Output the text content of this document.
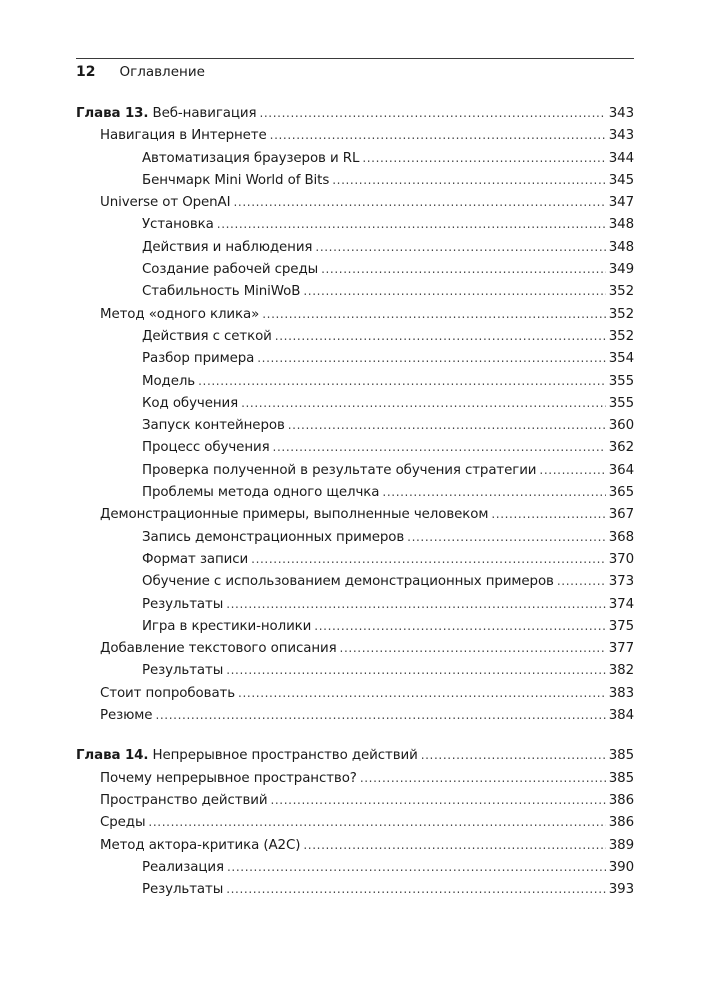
12 Оглавление
Глава 13. Веб-навигация . . .	343
Навигация в Интернете . . .	343
Автоматизация браузеров и RL . . .	344
Бенчмарк Mini World of Bits . . .	345
Universe от OpenAI . . .	347
Установка . . .	348
Действия и наблюдения . . .	348
Создание рабочей среды . . .	349
Стабильность MiniWoB . . .	352
Метод «одного клика» . . .	352
Действия с сеткой . . .	352
Разбор примера . . .	354
Модель . . .	355
Код обучения . . .	355
Запуск контейнеров . . .	360
Процесс обучения . . .	362
Проверка полученной в результате обучения стратегии . . .	364
Проблемы метода одного щелчка . . .	365
Демонстрационные примеры, выполненные человеком . . .	367
Запись демонстрационных примеров . . .	368
Формат записи . . .	370
Обучение с использованием демонстрационных примеров . . .	373
Результаты . . .	374
Игра в крестики-нолики . . .	375
Добавление текстового описания . . .	377
Результаты . . .	382
Стоит попробовать . . .	383
Резюме . . .	384
Глава 14. Непрерывное пространство действий . . .	385
Почему непрерывное пространство? . . .	385
Пространство действий . . .	386
Среды . . .	386
Метод актора-критика (A2C) . . .	389
Реализация . . .	390
Результаты . . .	393
